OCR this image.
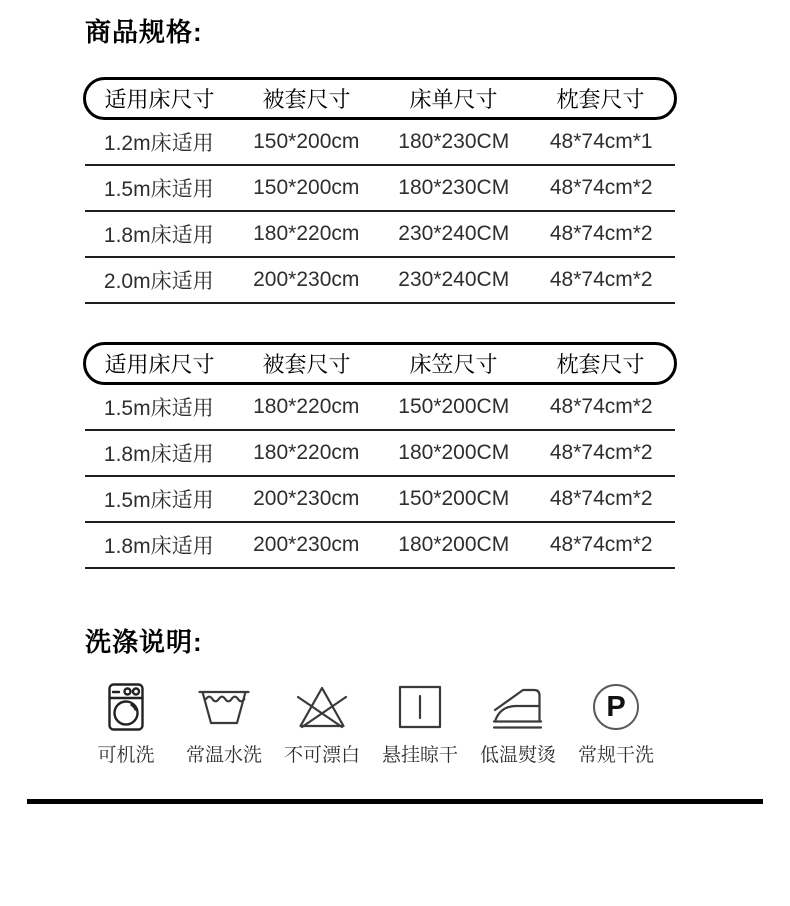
商品规格:
适用床尺寸	被套尺寸	床单尺寸	枕套尺寸
1.2m床适用	150*200cm	180*230CM	48*74cm*1
1.5m床适用	150*200cm	180*230CM	48*74cm*2
1.8m床适用	180*220cm	230*240CM	48*74cm*2
2.0m床适用	200*230cm	230*240CM	48*74cm*2
适用床尺寸	被套尺寸	床笠尺寸	枕套尺寸
1.5m床适用	180*220cm	150*200CM	48*74cm*2
1.8m床适用	180*220cm	180*200CM	48*74cm*2
1.5m床适用	200*230cm	150*200CM	48*74cm*2
1.8m床适用	200*230cm	180*200CM	48*74cm*2
洗涤说明:
可机洗 常温水洗 不可漂白 悬挂晾干 低温熨烫
P
常规干洗
